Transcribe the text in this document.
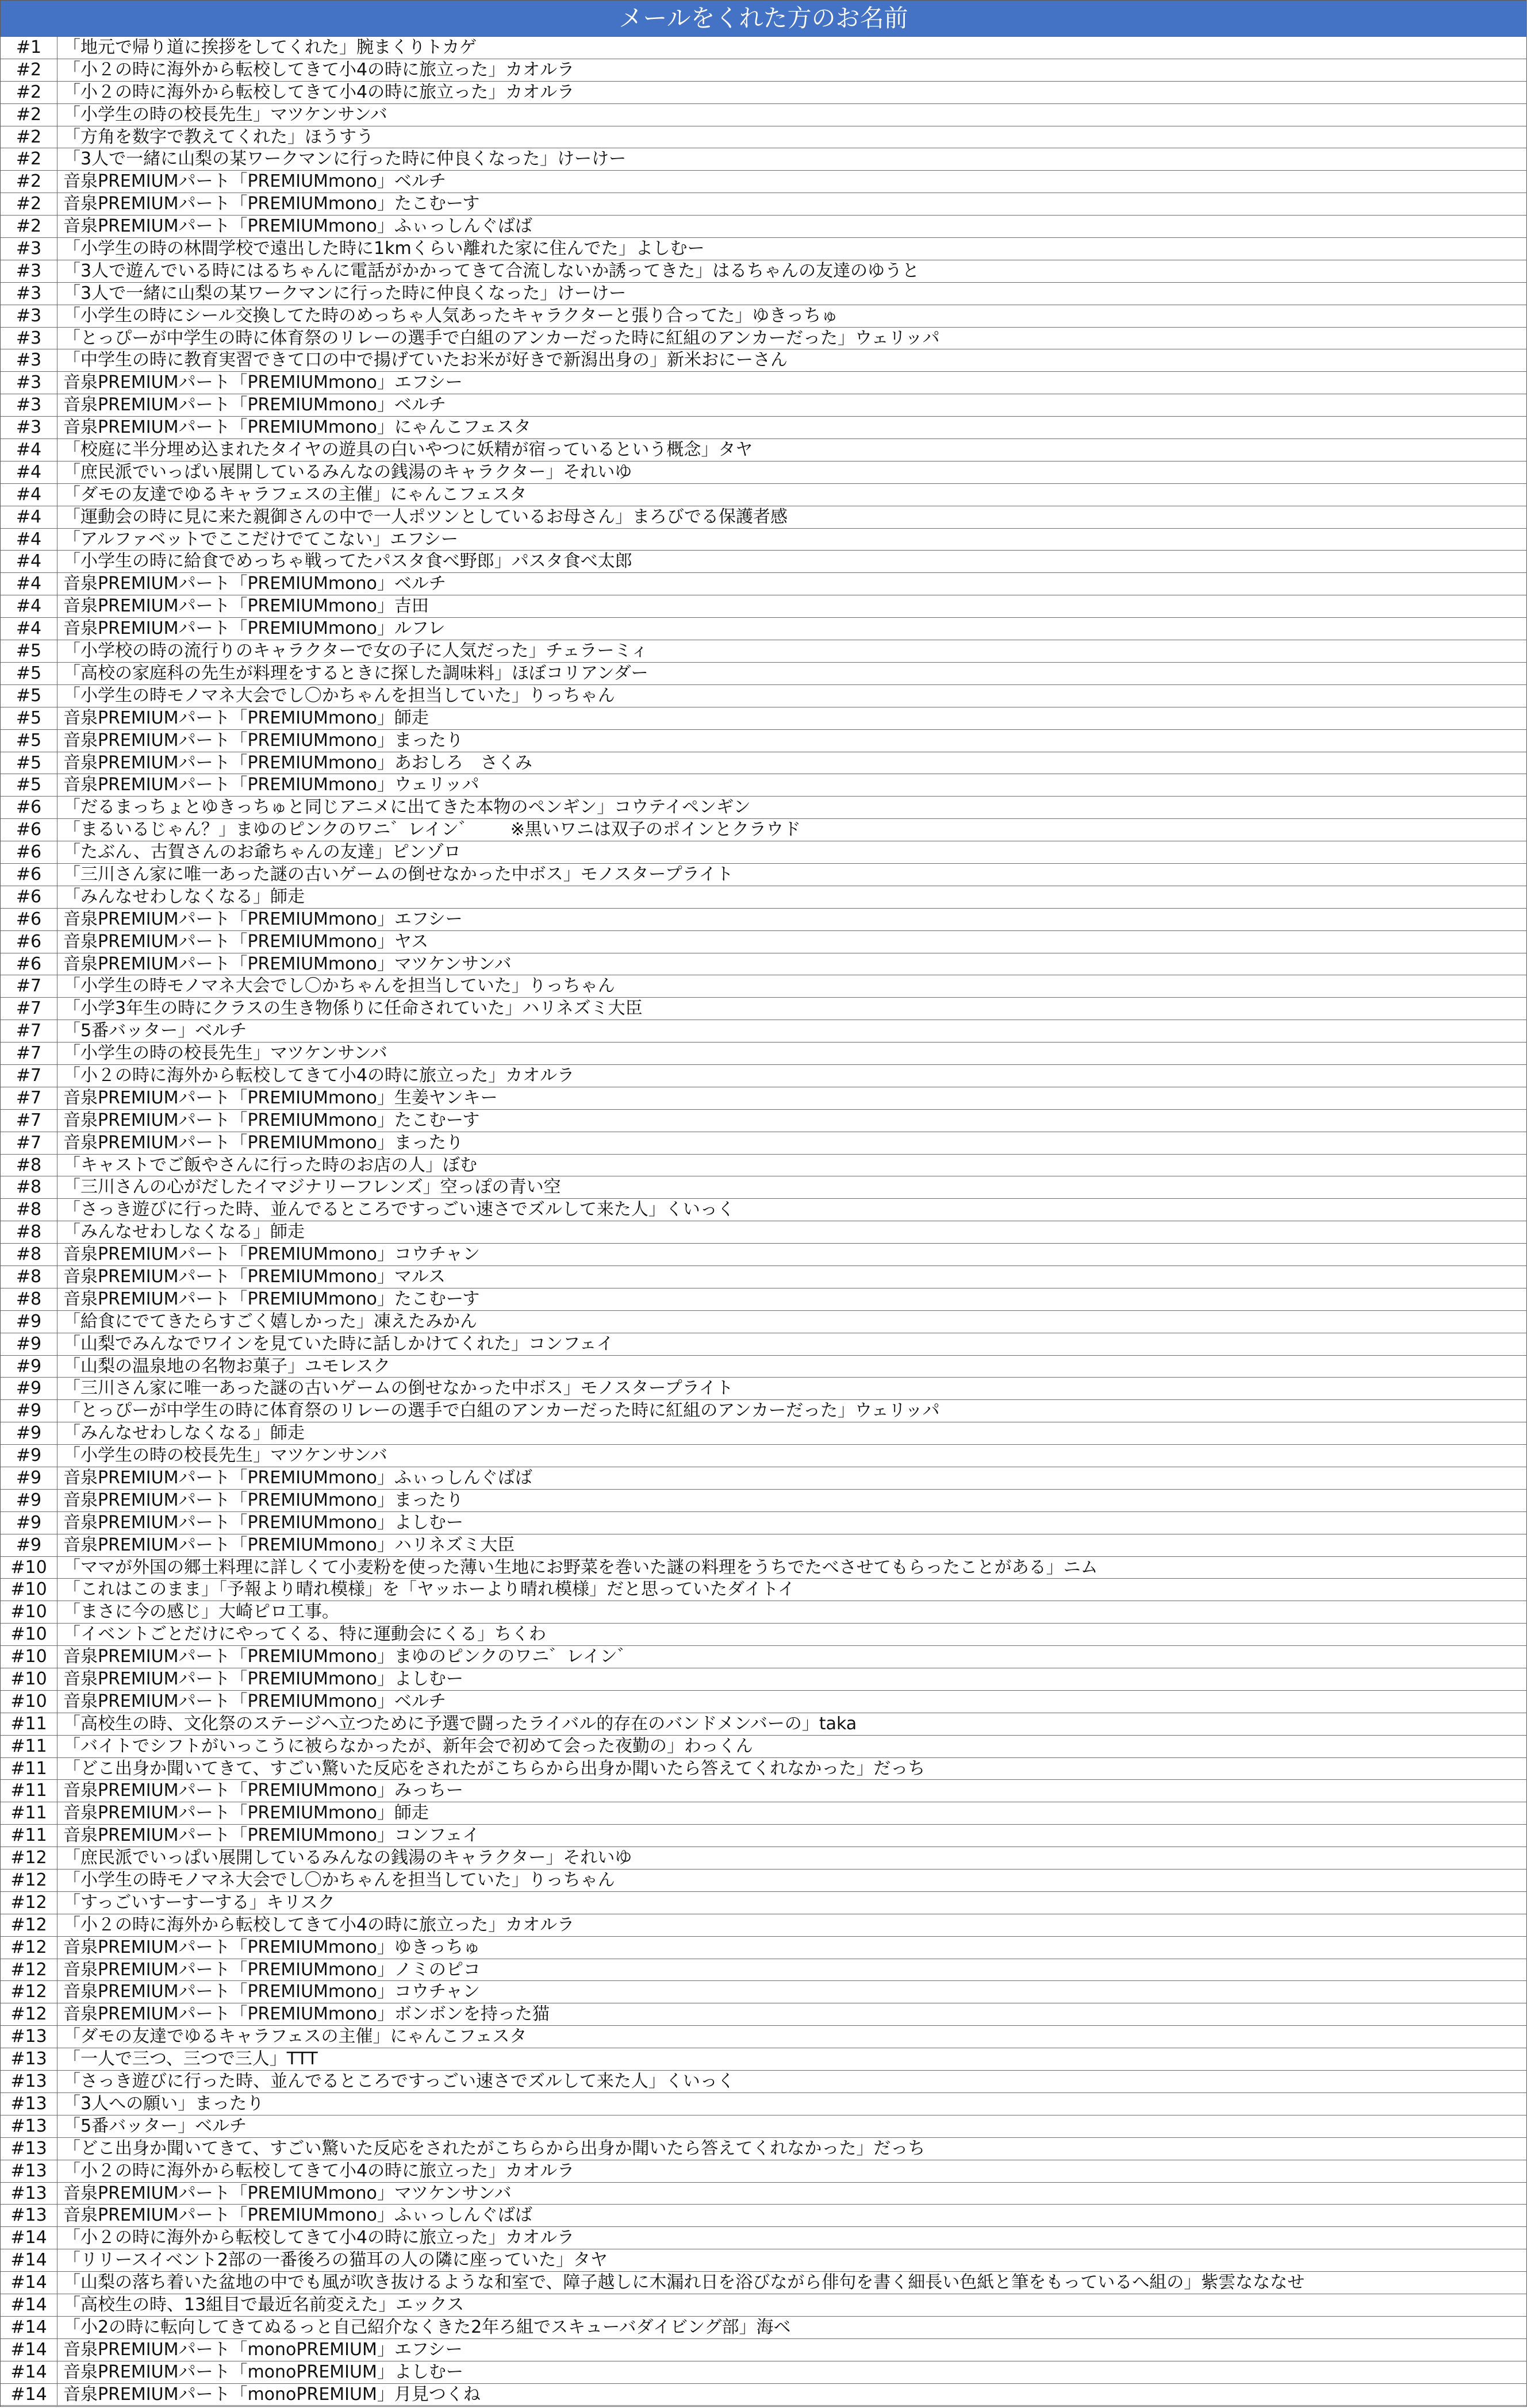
メールをくれた方のお名前
#1	「地元で帰り道に挨拶をしてくれた」腕まくりトカゲ
#2	「小２の時に海外から転校してきて小4の時に旅立った」カオルラ
#2	「小２の時に海外から転校してきて小4の時に旅立った」カオルラ
#2	「小学生の時の校長先生」マツケンサンバ
#2	「方角を数字で教えてくれた」ほうすう
#2	「3人で一緒に山梨の某ワークマンに行った時に仲良くなった」けーけー
#2	音泉PREMIUMパート「PREMIUMmono」ベルチ
#2	音泉PREMIUMパート「PREMIUMmono」たこむーす
#2	音泉PREMIUMパート「PREMIUMmono」ふぃっしんぐばば
#3	「小学生の時の林間学校で遠出した時に1kmくらい離れた家に住んでた」よしむー
#3	「3人で遊んでいる時にはるちゃんに電話がかかってきて合流しないか誘ってきた」はるちゃんの友達のゆうと
#3	「3人で一緒に山梨の某ワークマンに行った時に仲良くなった」けーけー
#3	「小学生の時にシール交換してた時のめっちゃ人気あったキャラクターと張り合ってた」ゆきっちゅ
#3	「とっぴーが中学生の時に体育祭のリレーの選手で白組のアンカーだった時に紅組のアンカーだった」ウェリッパ
#3	「中学生の時に教育実習できて口の中で揚げていたお米が好きで新潟出身の」新米おにーさん
#3	音泉PREMIUMパート「PREMIUMmono」エフシー
#3	音泉PREMIUMパート「PREMIUMmono」ベルチ
#3	音泉PREMIUMパート「PREMIUMmono」にゃんこフェスタ
#4	「校庭に半分埋め込まれたタイヤの遊具の白いやつに妖精が宿っているという概念」タヤ
#4	「庶民派でいっぱい展開しているみんなの銭湯のキャラクター」それいゆ
#4	「ダモの友達でゆるキャラフェスの主催」にゃんこフェスタ
#4	「運動会の時に見に来た親御さんの中で一人ポツンとしているお母さん」まろびでる保護者感
#4	「アルファベットでここだけでてこない」エフシー
#4	「小学生の時に給食でめっちゃ戦ってたパスタ食べ野郎」パスタ食べ太郎
#4	音泉PREMIUMパート「PREMIUMmono」ベルチ
#4	音泉PREMIUMパート「PREMIUMmono」吉田
#4	音泉PREMIUMパート「PREMIUMmono」ルフレ
#5	「小学校の時の流行りのキャラクターで女の子に人気だった」チェラーミィ
#5	「高校の家庭科の先生が料理をするときに探した調味料」ほぼコリアンダー
#5	「小学生の時モノマネ大会でし〇かちゃんを担当していた」りっちゃん
#5	音泉PREMIUMパート「PREMIUMmono」師走
#5	音泉PREMIUMパート「PREMIUMmono」まったり
#5	音泉PREMIUMパート「PREMIUMmono」あおしろ　さくみ
#5	音泉PREMIUMパート「PREMIUMmono」ウェリッパ
#6	「だるまっちょとゆきっちゅと同じアニメに出てきた本物のペンギン」コウテイペンギン
#6	「まるいるじゃん？」まゆのピンクのワニ゛レイン゛　　※黒いワニは双子のポインとクラウド
#6	「たぶん、古賀さんのお爺ちゃんの友達」ピンゾロ
#6	「三川さん家に唯一あった謎の古いゲームの倒せなかった中ボス」モノスタープライト
#6	「みんなせわしなくなる」師走
#6	音泉PREMIUMパート「PREMIUMmono」エフシー
#6	音泉PREMIUMパート「PREMIUMmono」ヤス
#6	音泉PREMIUMパート「PREMIUMmono」マツケンサンバ
#7	「小学生の時モノマネ大会でし〇かちゃんを担当していた」りっちゃん
#7	「小学3年生の時にクラスの生き物係りに任命されていた」ハリネズミ大臣
#7	「5番バッター」ベルチ
#7	「小学生の時の校長先生」マツケンサンバ
#7	「小２の時に海外から転校してきて小4の時に旅立った」カオルラ
#7	音泉PREMIUMパート「PREMIUMmono」生姜ヤンキー
#7	音泉PREMIUMパート「PREMIUMmono」たこむーす
#7	音泉PREMIUMパート「PREMIUMmono」まったり
#8	「キャストでご飯やさんに行った時のお店の人」ぼむ
#8	「三川さんの心がだしたイマジナリーフレンズ」空っぽの青い空
#8	「さっき遊びに行った時、並んでるところですっごい速さでズルして来た人」くいっく
#8	「みんなせわしなくなる」師走
#8	音泉PREMIUMパート「PREMIUMmono」コウチャン
#8	音泉PREMIUMパート「PREMIUMmono」マルス
#8	音泉PREMIUMパート「PREMIUMmono」たこむーす
#9	「給食にでてきたらすごく嬉しかった」凍えたみかん
#9	「山梨でみんなでワインを見ていた時に話しかけてくれた」コンフェイ
#9	「山梨の温泉地の名物お菓子」ユモレスク
#9	「三川さん家に唯一あった謎の古いゲームの倒せなかった中ボス」モノスタープライト
#9	「とっぴーが中学生の時に体育祭のリレーの選手で白組のアンカーだった時に紅組のアンカーだった」ウェリッパ
#9	「みんなせわしなくなる」師走
#9	「小学生の時の校長先生」マツケンサンバ
#9	音泉PREMIUMパート「PREMIUMmono」ふぃっしんぐばば
#9	音泉PREMIUMパート「PREMIUMmono」まったり
#9	音泉PREMIUMパート「PREMIUMmono」よしむー
#9	音泉PREMIUMパート「PREMIUMmono」ハリネズミ大臣
#10 「ママが外国の郷土料理に詳しくて小麦粉を使った薄い生地にお野菜を巻いた謎の料理をうちでたべさせてもらったことがある」ニム
#10 「これはこのまま」「予報より晴れ模様」を「ヤッホーより晴れ模様」だと思っていたダイトイ
#10 「まさに今の感じ」大崎ピロ工事。
#10 「イベントごとだけにやってくる、特に運動会にくる」ちくわ
#10 音泉PREMIUMパート「PREMIUMmono」まゆのピンクのワニ゛レイン゛
#10 音泉PREMIUMパート「PREMIUMmono」よしむー
#10 音泉PREMIUMパート「PREMIUMmono」ベルチ
#11 「高校生の時、文化祭のステージへ立つために予選で闘ったライバル的存在のバンドメンバーの」taka
#11 「バイトでシフトがいっこうに被らなかったが、新年会で初めて会った夜勤の」わっくん
#11 「どこ出身か聞いてきて、すごい驚いた反応をされたがこちらから出身か聞いたら答えてくれなかった」だっち
#11 音泉PREMIUMパート「PREMIUMmono」みっちー
#11 音泉PREMIUMパート「PREMIUMmono」師走
#11 音泉PREMIUMパート「PREMIUMmono」コンフェイ
#12 「庶民派でいっぱい展開しているみんなの銭湯のキャラクター」それいゆ
#12 「小学生の時モノマネ大会でし〇かちゃんを担当していた」りっちゃん
#12 「すっごいすーすーする」キリスク
#12 「小２の時に海外から転校してきて小4の時に旅立った」カオルラ
#12 音泉PREMIUMパート「PREMIUMmono」ゆきっちゅ
#12 音泉PREMIUMパート「PREMIUMmono」ノミのピコ
#12 音泉PREMIUMパート「PREMIUMmono」コウチャン
#12 音泉PREMIUMパート「PREMIUMmono」ボンボンを持った猫
#13 「ダモの友達でゆるキャラフェスの主催」にゃんこフェスタ
#13 「一人で三つ、三つで三人」TTT
#13 「さっき遊びに行った時、並んでるところですっごい速さでズルして来た人」くいっく
#13 「3人への願い」まったり
#13 「5番バッター」ベルチ
#13 「どこ出身か聞いてきて、すごい驚いた反応をされたがこちらから出身か聞いたら答えてくれなかった」だっち
#13 「小２の時に海外から転校してきて小4の時に旅立った」カオルラ
#13 音泉PREMIUMパート「PREMIUMmono」マツケンサンバ
#13 音泉PREMIUMパート「PREMIUMmono」ふぃっしんぐばば
#14 「小２の時に海外から転校してきて小4の時に旅立った」カオルラ
#14 「リリースイベント2部の一番後ろの猫耳の人の隣に座っていた」タヤ
#14 「山梨の落ち着いた盆地の中でも風が吹き抜けるような和室で、障子越しに木漏れ日を浴びながら俳句を書く細長い色紙と筆をもっているへ組の」紫雲なななせ
#14 「高校生の時、13組目で最近名前変えた」エックス
#14 「小2の時に転向してきてぬるっと自己紹介なくきた2年ろ組でスキューバダイビング部」海ベ
#14 音泉PREMIUMパート「monoPREMIUM」エフシー
#14 音泉PREMIUMパート「monoPREMIUM」よしむー
#14 音泉PREMIUMパート「monoPREMIUM」月見つくね
